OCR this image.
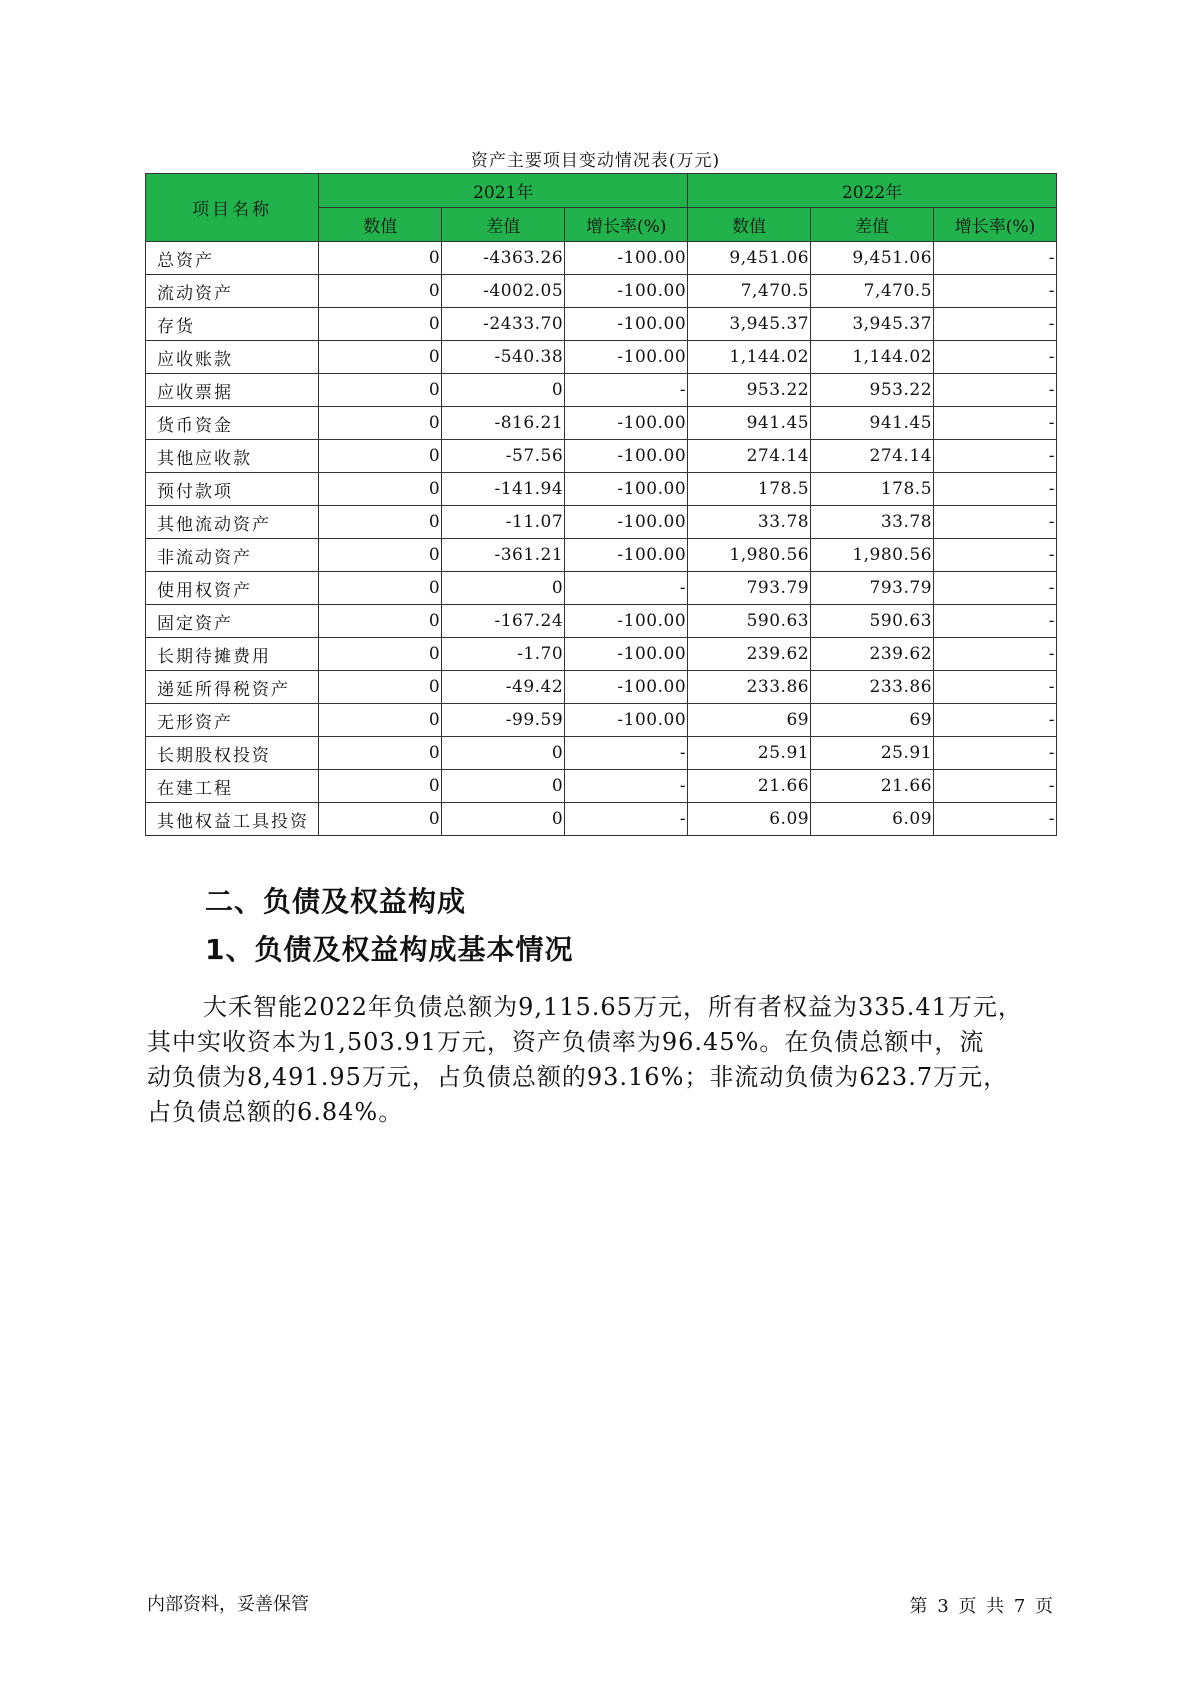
资产主要项目变动情况表(万元)
项目名称	2021年			2022年		
	数值	差值	增长率(%)	数值	差值	增长率(%)
总资产	0	-4363.26	-100.00	9,451.06	9,451.06	-
流动资产	0	-4002.05	-100.00	7,470.5	7,470.5	-
存货	0	-2433.70	-100.00	3,945.37	3,945.37	-
应收账款	0	-540.38	-100.00	1,144.02	1,144.02	-
应收票据	0	0	-	953.22	953.22	-
货币资金	0	-816.21	-100.00	941.45	941.45	-
其他应收款	0	-57.56	-100.00	274.14	274.14	-
预付款项	0	-141.94	-100.00	178.5	178.5	-
其他流动资产	0	-11.07	-100.00	33.78	33.78	-
非流动资产	0	-361.21	-100.00	1,980.56	1,980.56	-
使用权资产	0	0	-	793.79	793.79	-
固定资产	0	-167.24	-100.00	590.63	590.63	-
长期待摊费用	0	-1.70	-100.00	239.62	239.62	-
递延所得税资产	0	-49.42	-100.00	233.86	233.86	-
无形资产	0	-99.59	-100.00	69	69	-
长期股权投资	0	0	-	25.91	25.91	-
在建工程	0	0	-	21.66	21.66	-
其他权益工具投资	0	0	-	6.09	6.09	-
二、负债及权益构成
1、负债及权益构成基本情况
大禾智能2022年负债总额为9,115.65万元，所有者权益为335.41万元，
其中实收资本为1,503.91万元，资产负债率为96.45%。在负债总额中，流
动负债为8,491.95万元，占负债总额的93.16%；非流动负债为623.7万元，
占负债总额的6.84%。
内部资料，妥善保管	第 3 页 共 7 页
